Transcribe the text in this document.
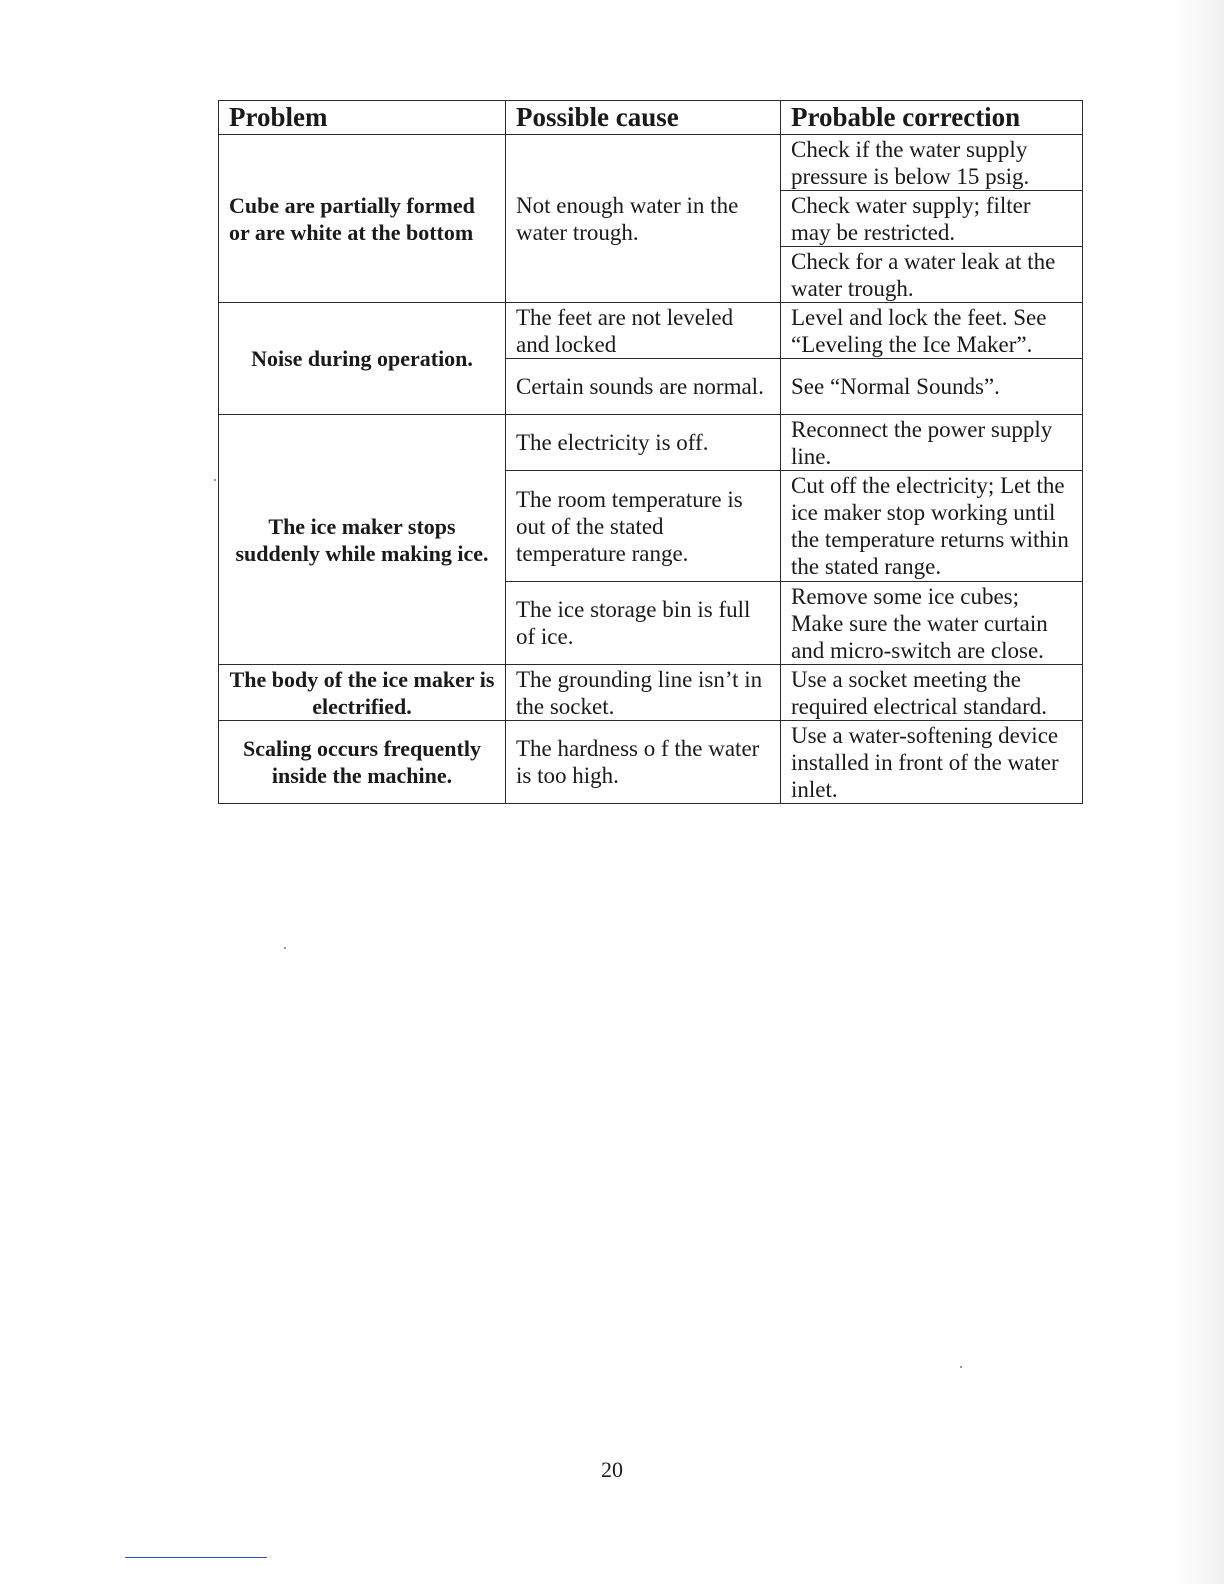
Problem	Possible cause	Probable correction
Cube are partially formed or are white at the bottom	Not enough water in the water trough.	Check if the water supply pressure is below 15 psig.
		Check water supply; filter may be restricted.
		Check for a water leak at the water trough.
Noise during operation.	The feet are not leveled and locked	Level and lock the feet. See “Leveling the Ice Maker”.
	Certain sounds are normal.	See “Normal Sounds”.
The ice maker stops suddenly while making ice.	The electricity is off.	Reconnect the power supply line.
	The room temperature is out of the stated temperature range.	Cut off the electricity; Let the ice maker stop working until the temperature returns within the stated range.
	The ice storage bin is full of ice.	Remove some ice cubes; Make sure the water curtain and micro-switch are close.
The body of the ice maker is electrified.	The grounding line isn’t in the socket.	Use a socket meeting the required electrical standard.
Scaling occurs frequently inside the machine.	The hardness o f the water is too high.	Use a water-softening device installed in front of the water inlet.
20
